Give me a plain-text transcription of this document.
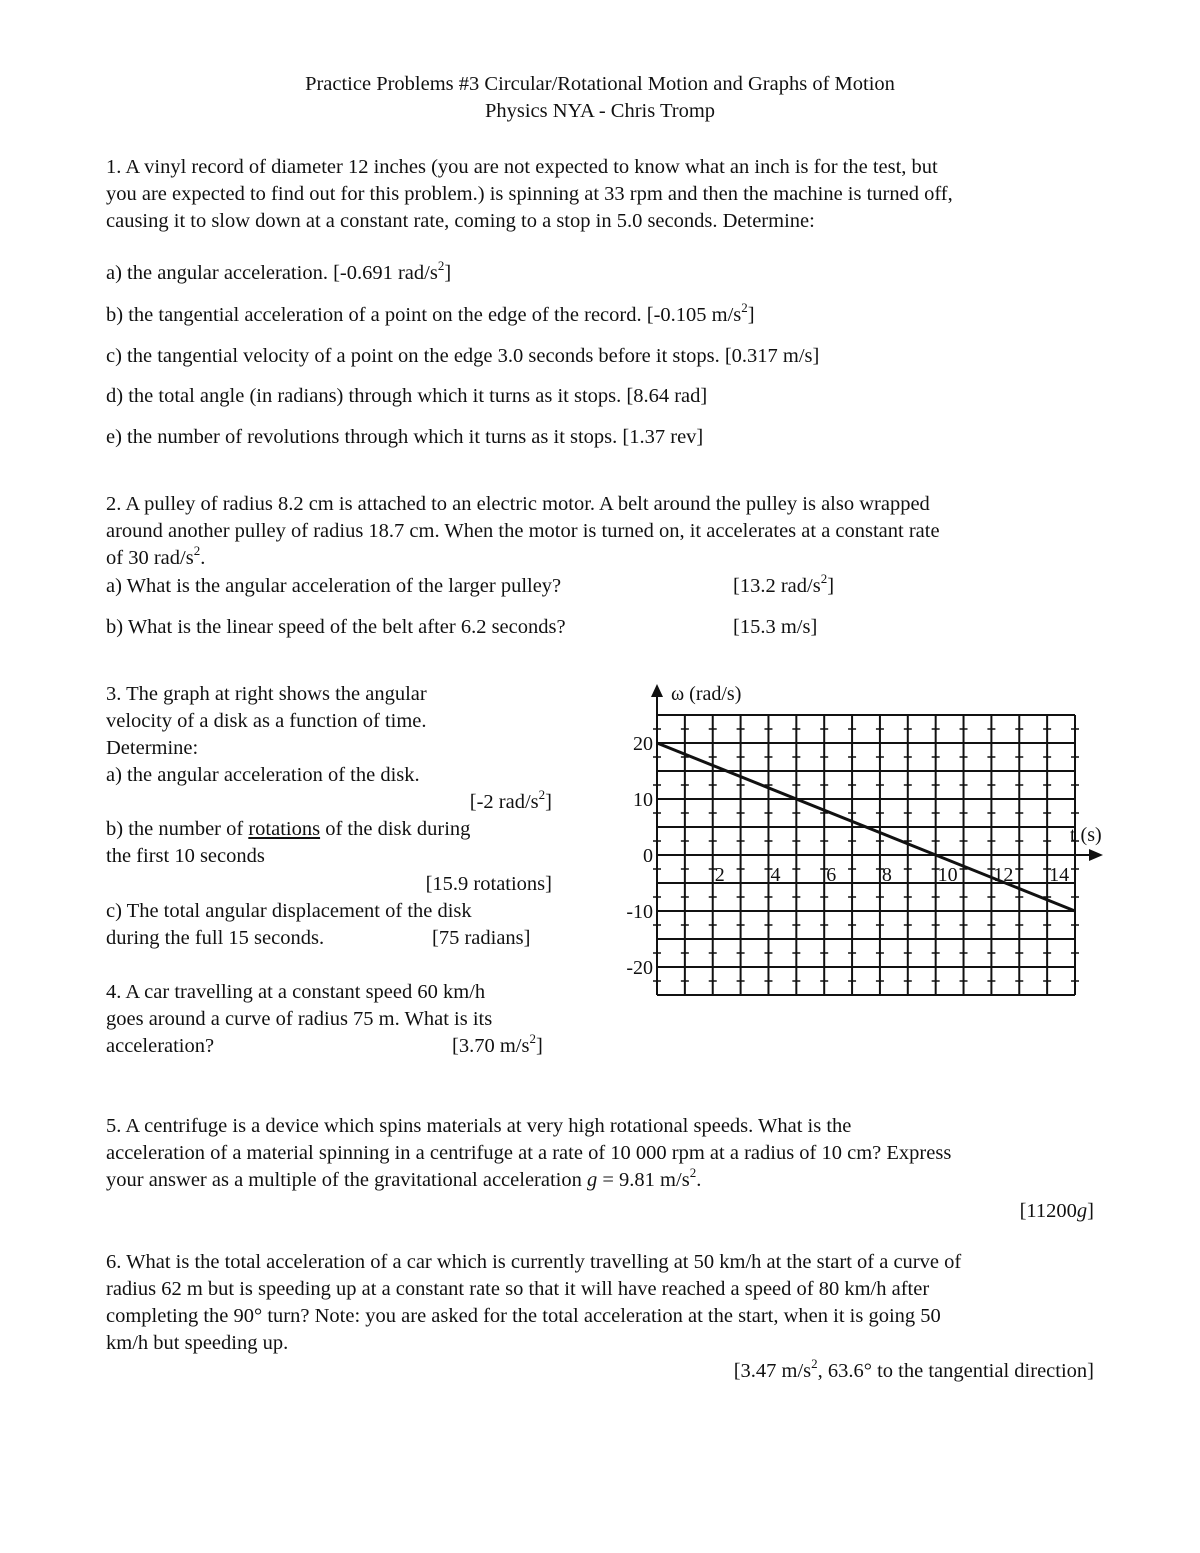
Practice Problems #3 Circular/Rotational Motion and Graphs of Motion
Physics NYA - Chris Tromp
1. A vinyl record of diameter 12 inches (you are not expected to know what an inch is for the test, but
you are expected to find out for this problem.) is spinning at 33 rpm and then the machine is turned off,
causing it to slow down at a constant rate, coming to a stop in 5.0 seconds. Determine:
a) the angular acceleration. [-0.691 rad/$s^2$]
b) the tangential acceleration of a point on the edge of the record. [-0.105 $m/s^2$]
c) the tangential velocity of a point on the edge 3.0 seconds before it stops. [0.317 m/s]
d) the total angle (in radians) through which it turns as it stops. [8.64 rad]
e) the number of revolutions through which it turns as it stops. [1.37 rev]
2. A pulley of radius 8.2 cm is attached to an electric motor. A belt around the pulley is also wrapped
around another pulley of radius 18.7 cm. When the motor is turned on, it accelerates at a constant rate
of 30 rad/$s^2$.
a) What is the angular acceleration of the larger pulley?	[13.2 rad/$s^2$]
b) What is the linear speed of the belt after 6.2 seconds?	[15.3 m/s]
3. The graph at right shows the angular
velocity of a disk as a function of time.
Determine:
a) the angular acceleration of the disk.
[-2 rad/$s^2$]
b) the number of rotations of the disk during
the first 10 seconds
[15.9 rotations]
c) The total angular displacement of the disk
during the full 15 seconds.	[75 radians]
4. A car travelling at a constant speed 60 km/h
goes around a curve of radius 75 m. What is its
acceleration?	[3.70 $m/s^2$]
20
10
0
-10
-20
2 4 6 8 10 12 14
ω (rad/s)
t (s)
5. A centrifuge is a device which spins materials at very high rotational speeds. What is the
acceleration of a material spinning in a centrifuge at a rate of 10 000 rpm at a radius of 10 cm? Express
your answer as a multiple of the gravitational acceleration g = 9.81 $m/s^2$.
[11200g]
6. What is the total acceleration of a car which is currently travelling at 50 km/h at the start of a curve of
radius 62 m but is speeding up at a constant rate so that it will have reached a speed of 80 km/h after
completing the 90° turn? Note: you are asked for the total acceleration at the start, when it is going 50
km/h but speeding up.
[3.47 $m/s^2$, 63.6° to the tangential direction]
